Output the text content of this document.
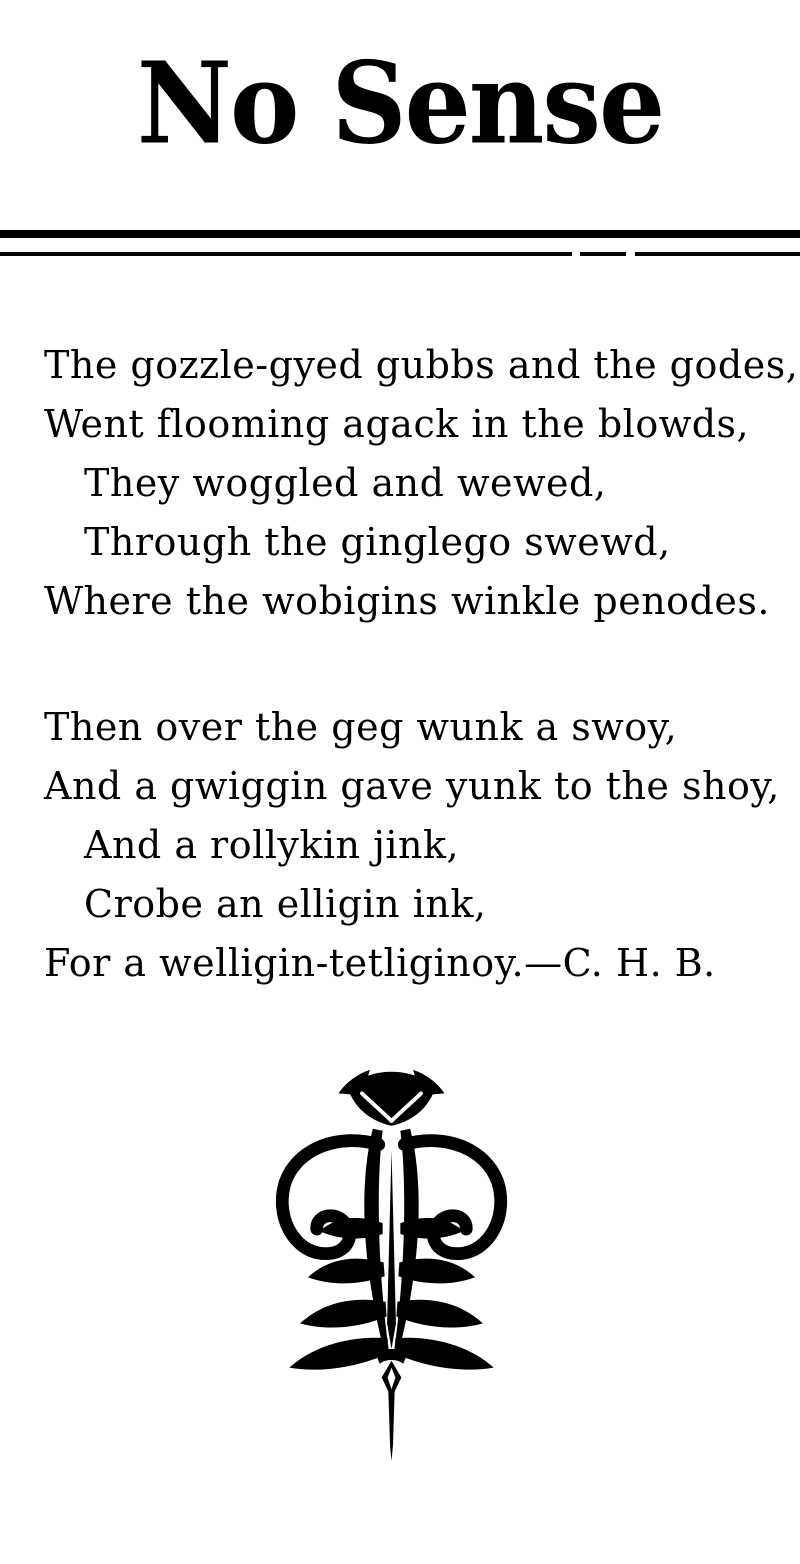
No Sense

The gozzle-gyed gubbs and the godes,

Went flooming agack in the blowds,

They woggled and wewed,

Through the ginglego swewd,

Where the wobigins winkle penodes.

Then over the geg wunk a swoy,

And a gwiggin gave yunk to the shoy,

And a rollykin jink,

Crobe an elligin ink,

For a welligin-tetliginoy.—C. H. B.
